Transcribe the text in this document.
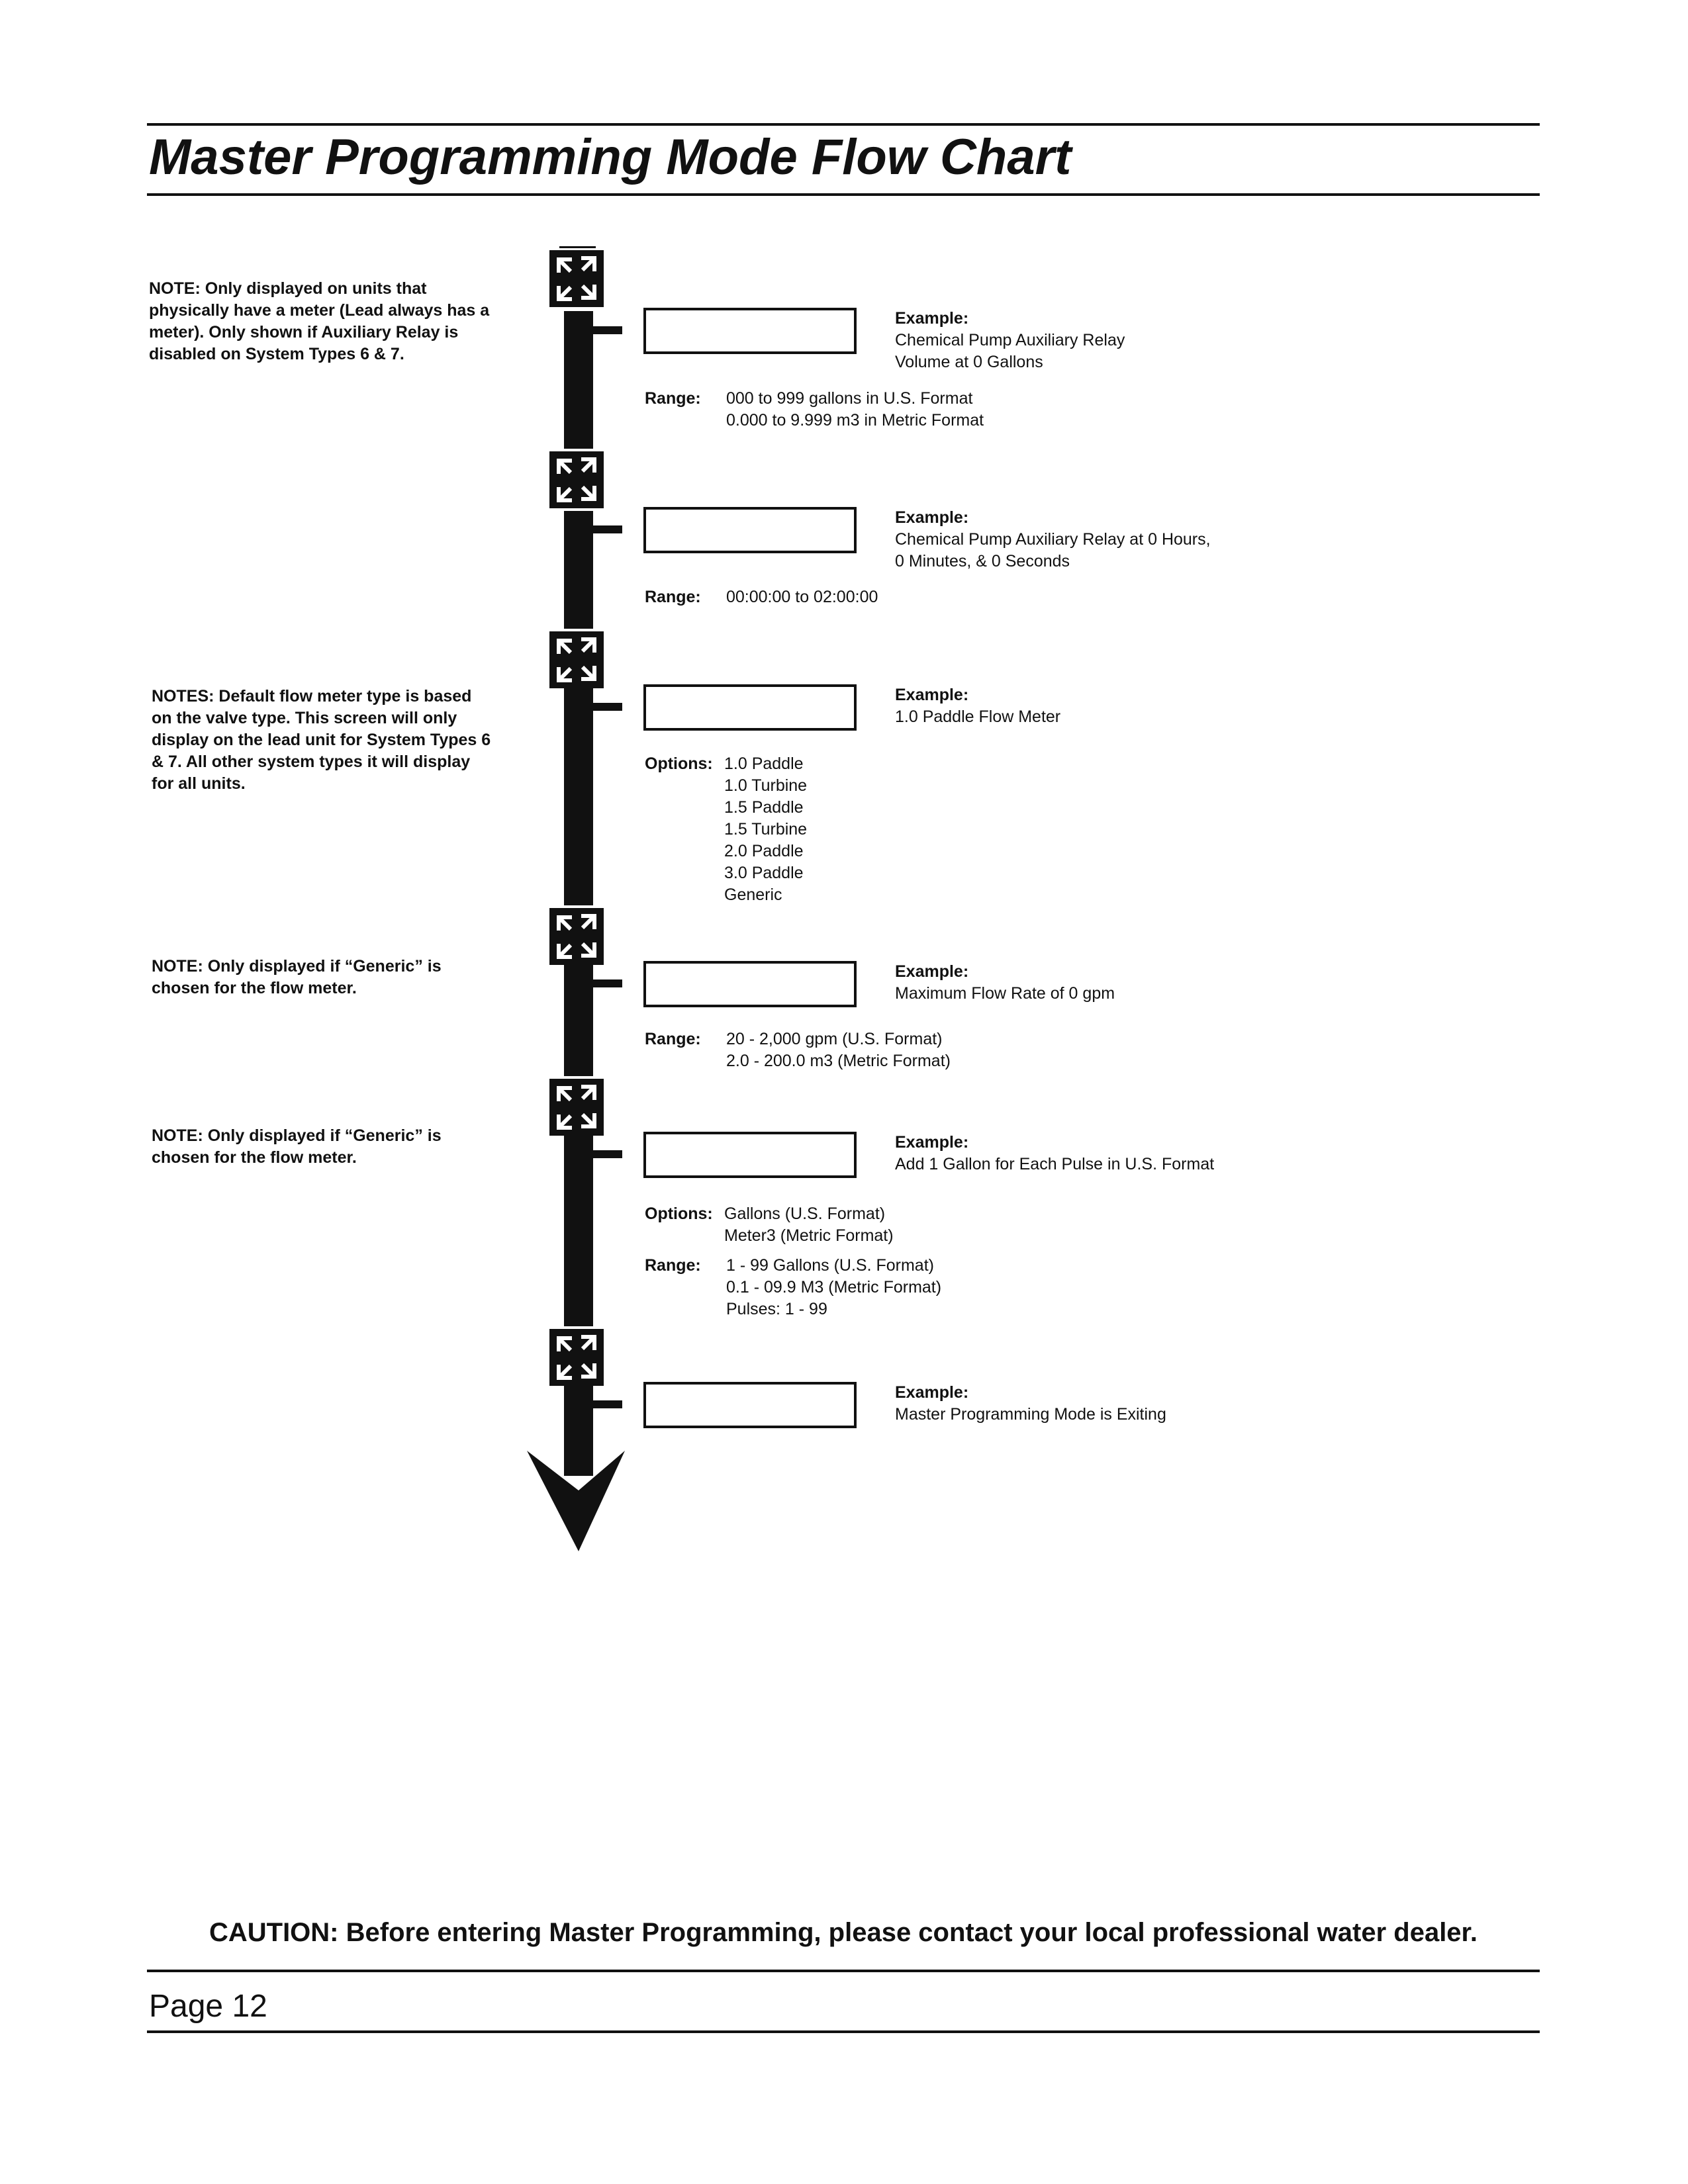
Master Programming Mode Flow Chart
NOTE: Only displayed on units that physically have a meter (Lead always has a meter). Only shown if Auxiliary Relay is disabled on System Types 6 & 7.

Example:
Chemical Pump Auxiliary Relay
Volume at 0 Gallons
Range: 000 to 999 gallons in U.S. Format
0.000 to 9.999 m3 in Metric Format

Example:
Chemical Pump Auxiliary Relay at 0 Hours,
0 Minutes, & 0 Seconds
Range: 00:00:00 to 02:00:00
NOTES: Default flow meter type is based on the valve type. This screen will only display on the lead unit for System Types 6 & 7. All other system types it will display for all units.

Example:
1.0 Paddle Flow Meter
Options: 1.0 Paddle
1.0 Turbine
1.5 Paddle
1.5 Turbine
2.0 Paddle
3.0 Paddle
Generic
NOTE: Only displayed if “Generic” is chosen for the flow meter.

Example:
Maximum Flow Rate of 0 gpm
Range: 20 - 2,000 gpm (U.S. Format)
2.0 - 200.0 m3 (Metric Format)
NOTE: Only displayed if “Generic” is chosen for the flow meter.

Example:
Add 1 Gallon for Each Pulse in U.S. Format
Options: Gallons (U.S. Format)
Meter3 (Metric Format)
Range: 1 - 99 Gallons (U.S. Format)
0.1 - 09.9 M3 (Metric Format)
Pulses: 1 - 99

Example:
Master Programming Mode is Exiting
CAUTION: Before entering Master Programming, please contact your local professional water dealer.
Page 12
